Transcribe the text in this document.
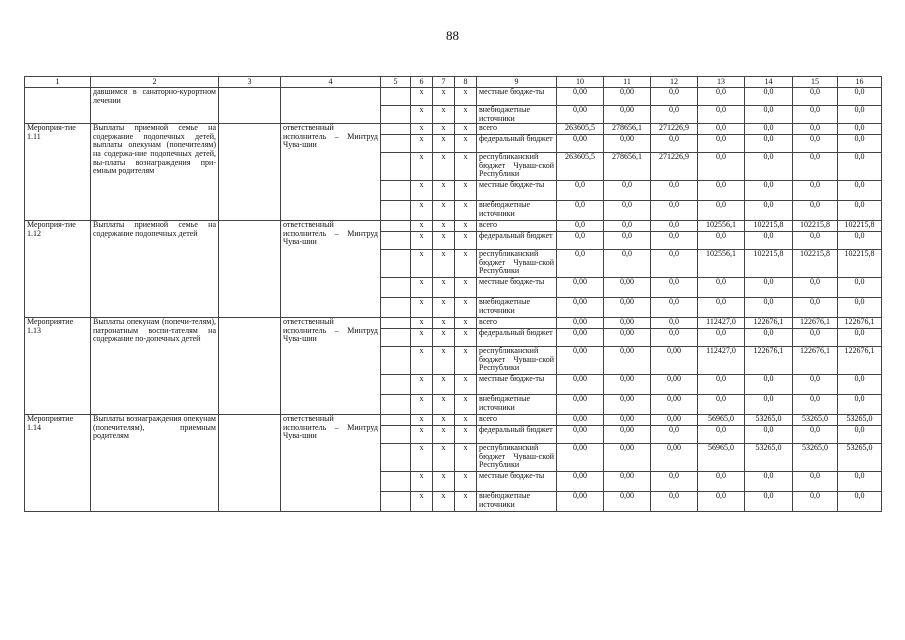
88
1	2	3	4	5	6	7	8	9	10	11	12	13	14	15	16
	давшимся в санаторно-курортном лечении				x	x	x	местные бюдже-ты	0,00	0,00	0,0	0,0	0,0	0,0	0,0
					x	x	x	внебюджетные источники	0,00	0,00	0,0	0,0	0,0	0,0	0,0
Мероприя-тие 1.11	Выплаты приемной семье на содержание подопечных детей, выплаты опекунам (попечителям) на содержа-ние подопечных детей, вы-платы вознаграждения при-емным родителям		ответственный исполнитель – Минтруд Чува-шии		x	x	x	всего	263605,5	278656,1	271226,9	0,0	0,0	0,0	0,0
					x	x	x	федеральный бюджет	0,00	0,00	0,0	0,0	0,0	0,0	0,0
					x	x	x	республиканский бюджет Чуваш-ской Республики	263605,5	278656,1	271226,9	0,0	0,0	0,0	0,0
					x	x	x	местные бюдже-ты	0,0	0,0	0,0	0,0	0,0	0,0	0,0
					x	x	x	внебюджетные источники	0,0	0,0	0,0	0,0	0,0	0,0	0,0
Мероприя-тие 1.12	Выплаты приемной семье на содержание подопечных детей		ответственный исполнитель – Минтруд Чува-шии		x	x	x	всего	0,0	0,0	0,0	102556,1	102215,8	102215,8	102215,8
					x	x	x	федеральный бюджет	0,0	0,0	0,0	0,0	0,0	0,0	0,0
					x	x	x	республиканский бюджет Чуваш-ской Республики	0,0	0,0	0,0	102556,1	102215,8	102215,8	102215,8
					x	x	x	местные бюдже-ты	0,00	0,00	0,0	0,0	0,0	0,0	0,0
					x	x	x	внебюджетные источники	0,00	0,00	0,0	0,0	0,0	0,0	0,0
Мероприятие 1.13	Выплаты опекунам (попечи-телям), патронатным воспи-тателям на содержание по-допечных детей		ответственный исполнитель – Минтруд Чува-шии		x	x	x	всего	0,00	0,00	0,0	112427,0	122676,1	122676,1	122676,1
					x	x	x	федеральный бюджет	0,00	0,00	0,0	0,0	0,0	0,0	0,0
					x	x	x	республиканский бюджет Чуваш-ской Республики	0,00	0,00	0,00	112427,0	122676,1	122676,1	122676,1
					x	x	x	местные бюдже-ты	0,00	0,00	0,00	0,0	0,0	0,0	0,0
					x	x	x	внебюджетные источники	0,00	0,00	0,00	0,0	0,0	0,0	0,0
Мероприятие 1.14	Выплаты вознаграждения опекунам (попечителям), приемным родителям		ответственный исполнитель – Минтруд Чува-шии		x	x	x	всего	0,00	0,00	0,00	56965,0	53265,0	53265,0	53265,0
					x	x	x	федеральный бюджет	0,00	0,00	0,0	0,0	0,0	0,0	0,0
					x	x	x	республиканский бюджет Чуваш-ской Республики	0,00	0,00	0,00	56965,0	53265,0	53265,0	53265,0
					x	x	x	местные бюдже-ты	0,00	0,00	0,0	0,0	0,0	0,0	0,0
					x	x	x	внебюджетные источники	0,00	0,00	0,0	0,0	0,0	0,0	0,0
